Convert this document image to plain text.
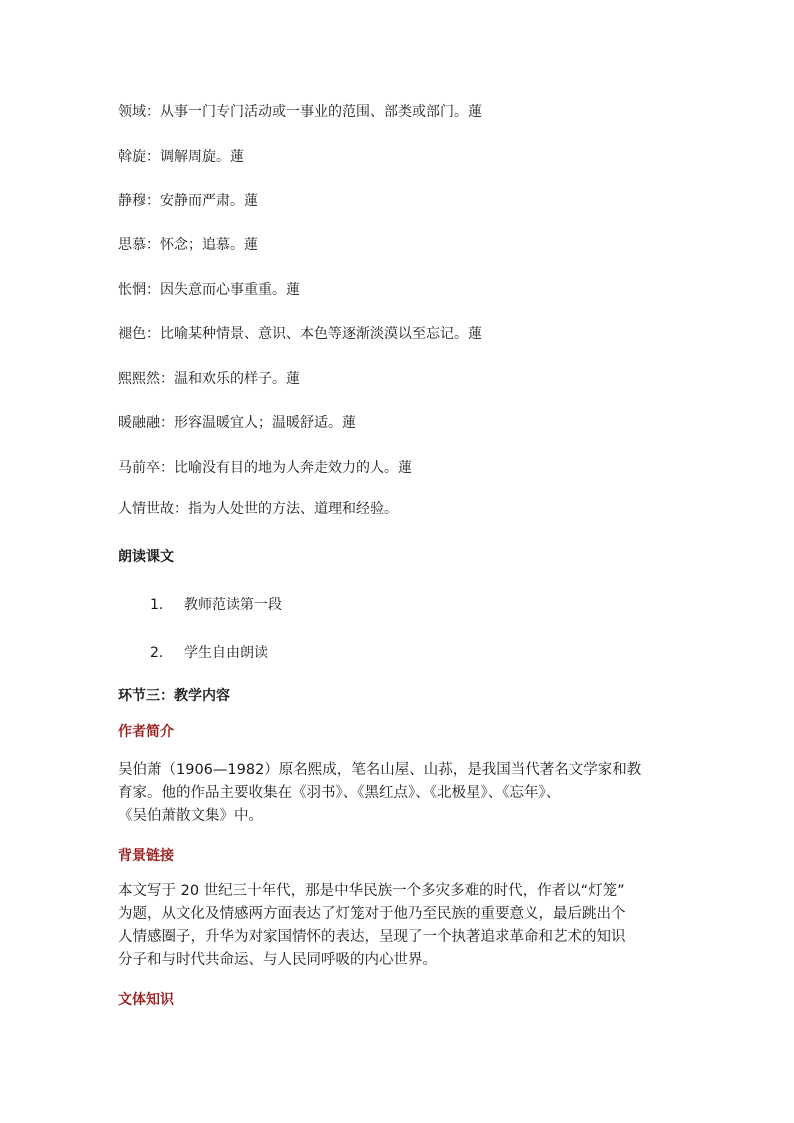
领域：从事一门专门活动或一事业的范围、部类或部门。蓮
斡旋：调解周旋。蓮
静穆：安静而严肃。蓮
思慕：怀念；追慕。蓮
怅惘：因失意而心事重重。蓮
褪色：比喻某种情景、意识、本色等逐渐淡漠以至忘记。蓮
熙熙然：温和欢乐的样子。蓮
暖融融：形容温暖宜人；温暖舒适。蓮
马前卒：比喻没有目的地为人奔走效力的人。蓮
人情世故：指为人处世的方法、道理和经验。
朗读课文
1. 教师范读第一段
2. 学生自由朗读
环节三：教学内容
作者简介
吴伯萧（1906—1982）原名熙成，笔名山屋、山荪，是我国当代著名文学家和教
育家。他的作品主要收集在《羽书》、《黑红点》、《北极星》、《忘年》、
《吴伯萧散文集》中。
背景链接
本文写于 20 世纪三十年代，那是中华民族一个多灾多难的时代，作者以“灯笼”
为题，从文化及情感两方面表达了灯笼对于他乃至民族的重要意义，最后跳出个
人情感圈子，升华为对家国情怀的表达，呈现了一个执著追求革命和艺术的知识
分子和与时代共命运、与人民同呼吸的内心世界。
文体知识
